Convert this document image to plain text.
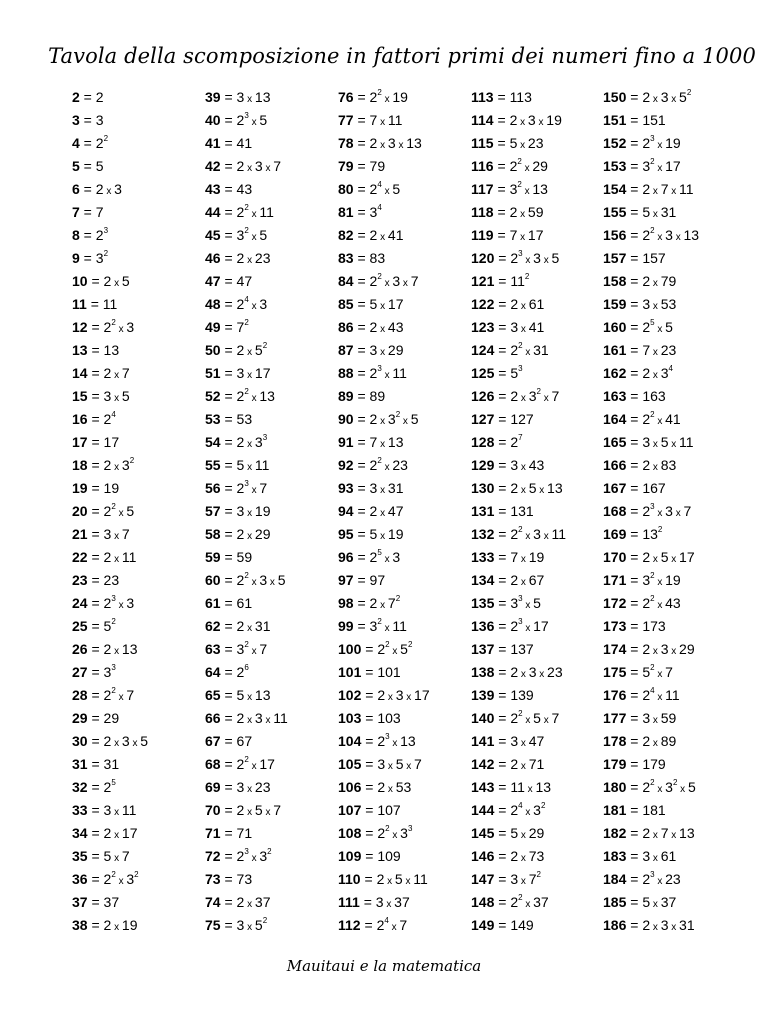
Tavola della scomposizione in fattori primi dei numeri fino a 1000
2 = 2
3 = 3
$4 = 2^2$
5 = 5
6 = 2 x 3
7 = 7
$8 = 2^3$
$9 = 3^2$
10 = 2 x 5
11 = 11
$12 = 2^2$ x 3
13 = 13
14 = 2 x 7
15 = 3 x 5
$16 = 2^4$
17 = 17
18 = 2 x $3^2$
19 = 19
$20 = 2^2$ x 5
21 = 3 x 7
22 = 2 x 11
23 = 23
$24 = 2^3$ x 3
$25 = 5^2$
26 = 2 x 13
$27 = 3^3$
$28 = 2^2$ x 7
29 = 29
30 = 2 x 3 x 5
31 = 31
$32 = 2^5$
33 = 3 x 11
34 = 2 x 17
35 = 5 x 7
$36 = 2^2$ x $3^2$
37 = 37
38 = 2 x 19
39 = 3 x 13
$40 = 2^3$ x 5
41 = 41
42 = 2 x 3 x 7
43 = 43
$44 = 2^2$ x 11
$45 = 3^2$ x 5
46 = 2 x 23
47 = 47
$48 = 2^4$ x 3
$49 = 7^2$
50 = 2 x $5^2$
51 = 3 x 17
$52 = 2^2$ x 13
53 = 53
54 = 2 x $3^3$
55 = 5 x 11
$56 = 2^3$ x 7
57 = 3 x 19
58 = 2 x 29
59 = 59
$60 = 2^2$ x 3 x 5
61 = 61
62 = 2 x 31
$63 = 3^2$ x 7
$64 = 2^6$
65 = 5 x 13
66 = 2 x 3 x 11
67 = 67
$68 = 2^2$ x 17
69 = 3 x 23
70 = 2 x 5 x 7
71 = 71
$72 = 2^3$ x $3^2$
73 = 73
74 = 2 x 37
75 = 3 x $5^2$
$76 = 2^2$ x 19
77 = 7 x 11
78 = 2 x 3 x 13
79 = 79
$80 = 2^4$ x 5
$81 = 3^4$
82 = 2 x 41
83 = 83
$84 = 2^2$ x 3 x 7
85 = 5 x 17
86 = 2 x 43
87 = 3 x 29
$88 = 2^3$ x 11
89 = 89
90 = 2 x $3^2$ x 5
91 = 7 x 13
$92 = 2^2$ x 23
93 = 3 x 31
94 = 2 x 47
95 = 5 x 19
$96 = 2^5$ x 3
97 = 97
98 = 2 x $7^2$
$99 = 3^2$ x 11
$100 = 2^2$ x $5^2$
101 = 101
102 = 2 x 3 x 17
103 = 103
$104 = 2^3$ x 13
105 = 3 x 5 x 7
106 = 2 x 53
107 = 107
$108 = 2^2$ x $3^3$
109 = 109
110 = 2 x 5 x 11
111 = 3 x 37
$112 = 2^4$ x 7
113 = 113
114 = 2 x 3 x 19
115 = 5 x 23
$116 = 2^2$ x 29
$117 = 3^2$ x 13
118 = 2 x 59
119 = 7 x 17
$120 = 2^3$ x 3 x 5
$121 = 11^2$
122 = 2 x 61
123 = 3 x 41
$124 = 2^2$ x 31
$125 = 5^3$
126 = 2 x $3^2$ x 7
127 = 127
$128 = 2^7$
129 = 3 x 43
130 = 2 x 5 x 13
131 = 131
$132 = 2^2$ x 3 x 11
133 = 7 x 19
134 = 2 x 67
$135 = 3^3$ x 5
$136 = 2^3$ x 17
137 = 137
138 = 2 x 3 x 23
139 = 139
$140 = 2^2$ x 5 x 7
141 = 3 x 47
142 = 2 x 71
143 = 11 x 13
$144 = 2^4$ x $3^2$
145 = 5 x 29
146 = 2 x 73
147 = 3 x $7^2$
$148 = 2^2$ x 37
149 = 149
150 = 2 x 3 x $5^2$
151 = 151
$152 = 2^3$ x 19
$153 = 3^2$ x 17
154 = 2 x 7 x 11
155 = 5 x 31
$156 = 2^2$ x 3 x 13
157 = 157
158 = 2 x 79
159 = 3 x 53
$160 = 2^5$ x 5
161 = 7 x 23
162 = 2 x $3^4$
163 = 163
$164 = 2^2$ x 41
165 = 3 x 5 x 11
166 = 2 x 83
167 = 167
$168 = 2^3$ x 3 x 7
$169 = 13^2$
170 = 2 x 5 x 17
$171 = 3^2$ x 19
$172 = 2^2$ x 43
173 = 173
174 = 2 x 3 x 29
$175 = 5^2$ x 7
$176 = 2^4$ x 11
177 = 3 x 59
178 = 2 x 89
179 = 179
$180 = 2^2$ x $3^2$ x 5
181 = 181
182 = 2 x 7 x 13
183 = 3 x 61
$184 = 2^3$ x 23
185 = 5 x 37
186 = 2 x 3 x 31
Mauitaui e la matematica
